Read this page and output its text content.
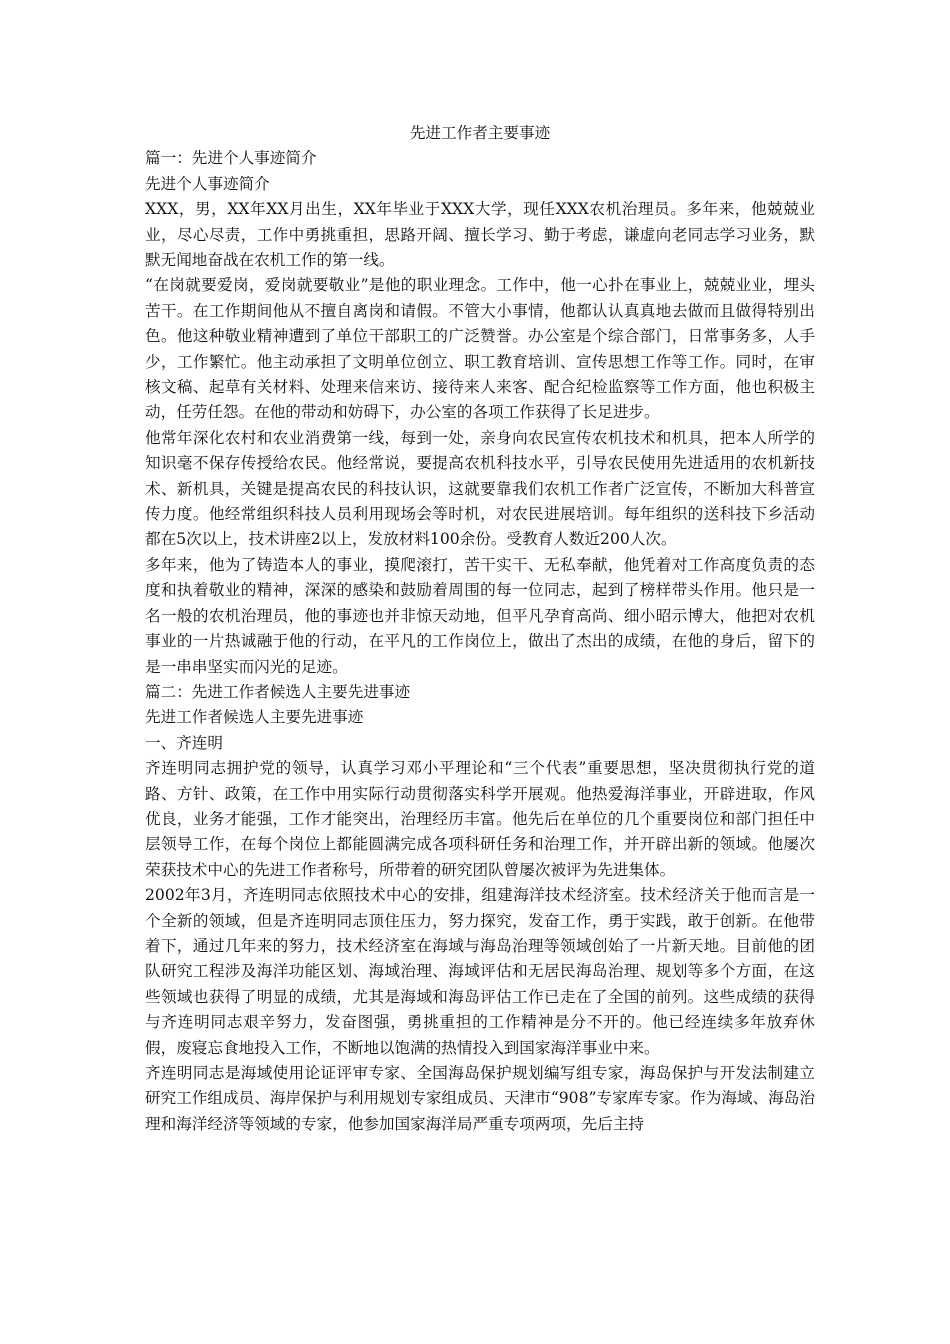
先进工作者主要事迹

篇一：先进个人事迹简介

先进个人事迹简介

XXX，男，XX年XX月出生，XX年毕业于XXX大学，现任XXX农机治理员。多年来，他兢兢业业，尽心尽责，工作中勇挑重担，思路开阔、擅长学习、勤于考虑，谦虚向老同志学习业务，默默无闻地奋战在农机工作的第一线。

“在岗就要爱岗，爱岗就要敬业”是他的职业理念。工作中，他一心扑在事业上，兢兢业业，埋头苦干。在工作期间他从不擅自离岗和请假。不管大小事情，他都认认真真地去做而且做得特别出色。他这种敬业精神遭到了单位干部职工的广泛赞誉。办公室是个综合部门，日常事务多，人手少，工作繁忙。他主动承担了文明单位创立、职工教育培训、宣传思想工作等工作。同时，在审核文稿、起草有关材料、处理来信来访、接待来人来客、配合纪检监察等工作方面，他也积极主动，任劳任怨。在他的带动和妨碍下，办公室的各项工作获得了长足进步。

他常年深化农村和农业消费第一线，每到一处，亲身向农民宣传农机技术和机具，把本人所学的知识毫不保存传授给农民。他经常说，要提高农机科技水平，引导农民使用先进适用的农机新技术、新机具，关键是提高农民的科技认识，这就要靠我们农机工作者广泛宣传，不断加大科普宣传力度。他经常组织科技人员利用现场会等时机，对农民进展培训。每年组织的送科技下乡活动都在5次以上，技术讲座2以上，发放材料100余份。受教育人数近200人次。

多年来，他为了铸造本人的事业，摸爬滚打，苦干实干、无私奉献，他凭着对工作高度负责的态度和执着敬业的精神，深深的感染和鼓励着周围的每一位同志，起到了榜样带头作用。他只是一名一般的农机治理员，他的事迹也并非惊天动地，但平凡孕育高尚、细小昭示博大，他把对农机事业的一片热诚融于他的行动，在平凡的工作岗位上，做出了杰出的成绩，在他的身后，留下的是一串串坚实而闪光的足迹。

篇二：先进工作者候选人主要先进事迹

先进工作者候选人主要先进事迹

一、齐连明

齐连明同志拥护党的领导，认真学习邓小平理论和“三个代表”重要思想，坚决贯彻执行党的道路、方针、政策，在工作中用实际行动贯彻落实科学开展观。他热爱海洋事业，开辟进取，作风优良，业务才能强，工作才能突出，治理经历丰富。他先后在单位的几个重要岗位和部门担任中层领导工作，在每个岗位上都能圆满完成各项科研任务和治理工作，并开辟出新的领域。他屡次荣获技术中心的先进工作者称号，所带着的研究团队曾屡次被评为先进集体。

2002年3月，齐连明同志依照技术中心的安排，组建海洋技术经济室。技术经济关于他而言是一个全新的领域，但是齐连明同志顶住压力，努力探究，发奋工作，勇于实践，敢于创新。在他带着下，通过几年来的努力，技术经济室在海域与海岛治理等领域创始了一片新天地。目前他的团队研究工程涉及海洋功能区划、海域治理、海域评估和无居民海岛治理、规划等多个方面，在这些领域也获得了明显的成绩，尤其是海域和海岛评估工作已走在了全国的前列。这些成绩的获得与齐连明同志艰辛努力，发奋图强，勇挑重担的工作精神是分不开的。他已经连续多年放弃休假，废寝忘食地投入工作，不断地以饱满的热情投入到国家海洋事业中来。

齐连明同志是海域使用论证评审专家、全国海岛保护规划编写组专家，海岛保护与开发法制建立研究工作组成员、海岸保护与利用规划专家组成员、天津市“908”专家库专家。作为海域、海岛治理和海洋经济等领域的专家，他参加国家海洋局严重专项两项，先后主持
